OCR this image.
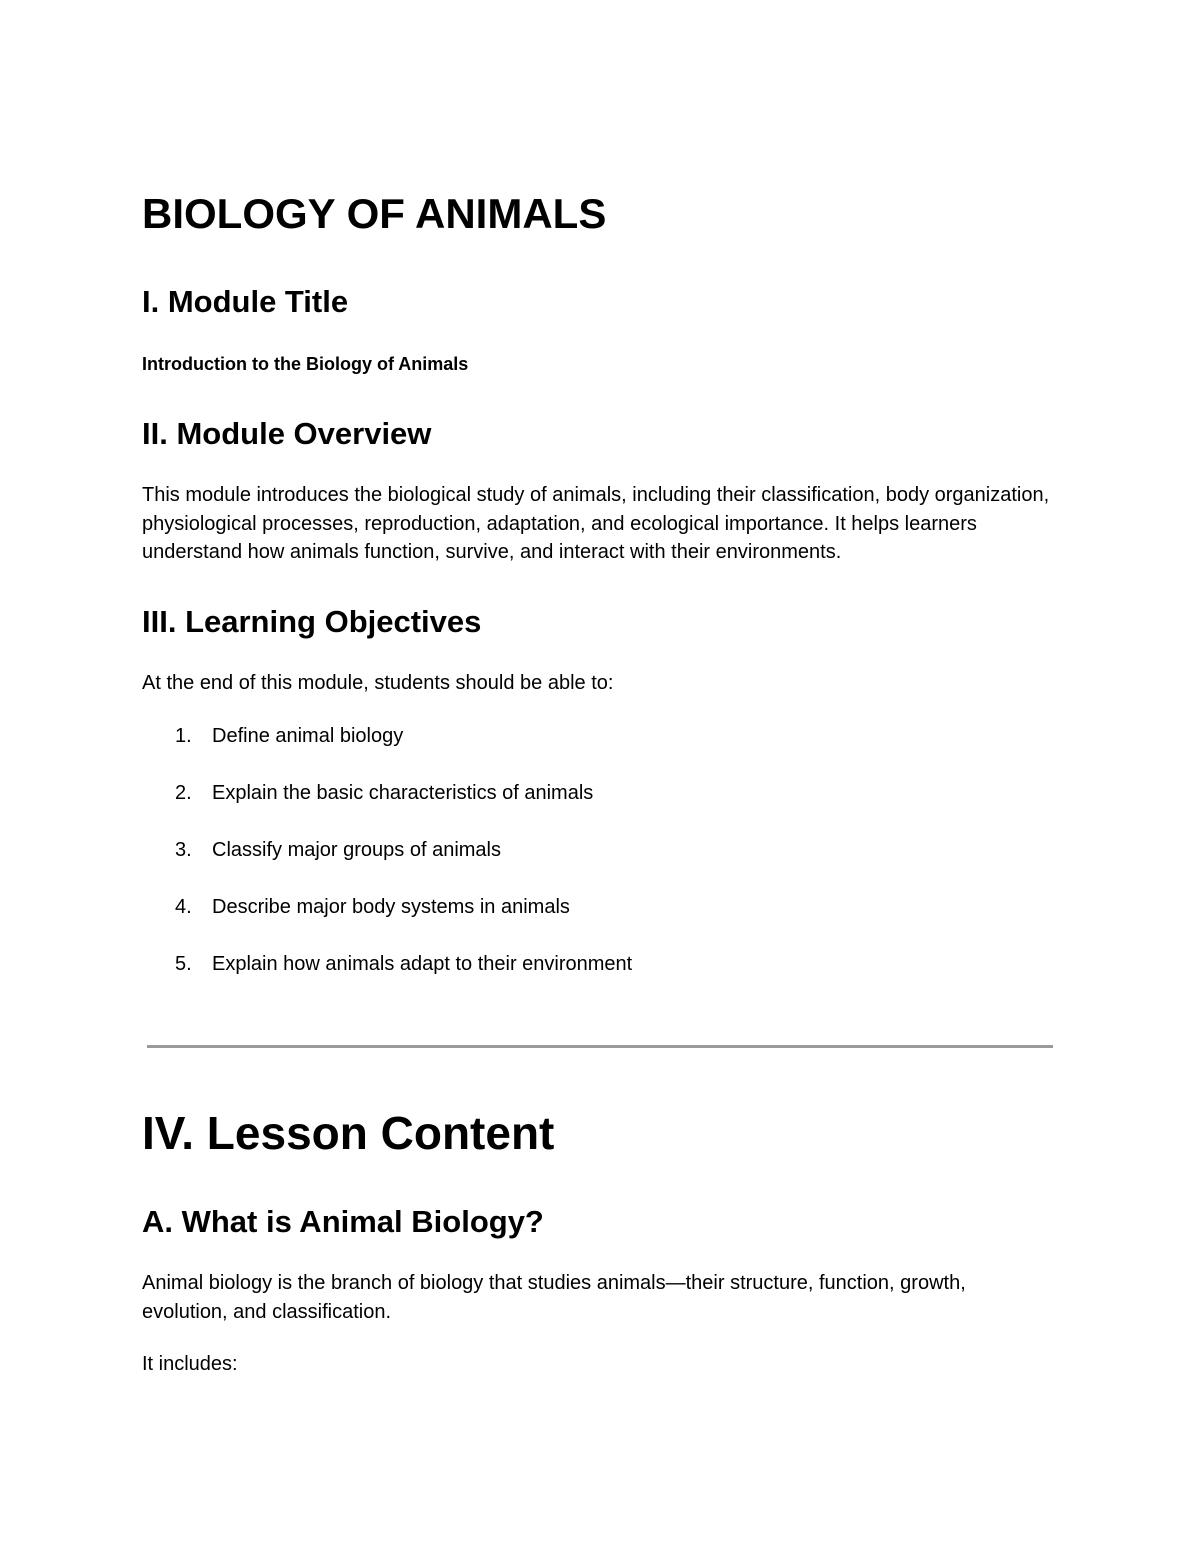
BIOLOGY OF ANIMALS
I. Module Title

Introduction to the Biology of Animals

II. Module Overview

This module introduces the biological study of animals, including their classification, body organization, physiological processes, reproduction, adaptation, and ecological importance. It helps learners understand how animals function, survive, and interact with their environments.

III. Learning Objectives

At the end of this module, students should be able to:

1. Define animal biology
2. Explain the basic characteristics of animals
3. Classify major groups of animals
4. Describe major body systems in animals
5. Explain how animals adapt to their environment
IV. Lesson Content
A. What is Animal Biology?

Animal biology is the branch of biology that studies animals—their structure, function, growth, evolution, and classification.

It includes:
